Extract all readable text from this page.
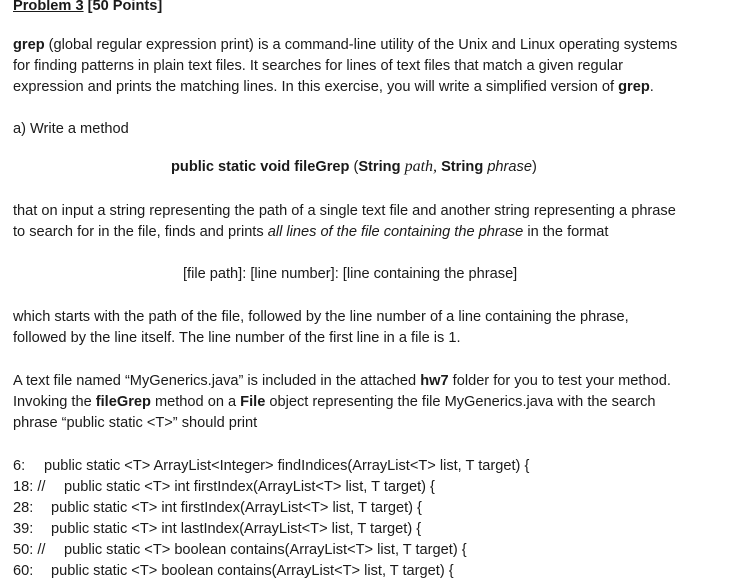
Problem 3 [50 Points]
grep (global regular expression print) is a command-line utility of the Unix and Linux operating systems
for finding patterns in plain text files. It searches for lines of text files that match a given regular
expression and prints the matching lines. In this exercise, you will write a simplified version of grep.
a) Write a method
public static void fileGrep (String path, String phrase)
that on input a string representing the path of a single text file and another string representing a phrase
to search for in the file, finds and prints all lines of the file containing the phrase in the format
[file path]: [line number]: [line containing the phrase]
which starts with the path of the file, followed by the line number of a line containing the phrase,
followed by the line itself. The line number of the first line in a file is 1.
A text file named “MyGenerics.java” is included in the attached hw7 folder for you to test your method.
Invoking the fileGrep method on a File object representing the file MyGenerics.java with the search
phrase “public static <T>” should print
6: public static <T> ArrayList<Integer> findIndices(ArrayList<T> list, T target) {
18: // public static <T> int firstIndex(ArrayList<T> list, T target) {
28: public static <T> int firstIndex(ArrayList<T> list, T target) {
39: public static <T> int lastIndex(ArrayList<T> list, T target) {
50: // public static <T> boolean contains(ArrayList<T> list, T target) {
60: public static <T> boolean contains(ArrayList<T> list, T target) {
